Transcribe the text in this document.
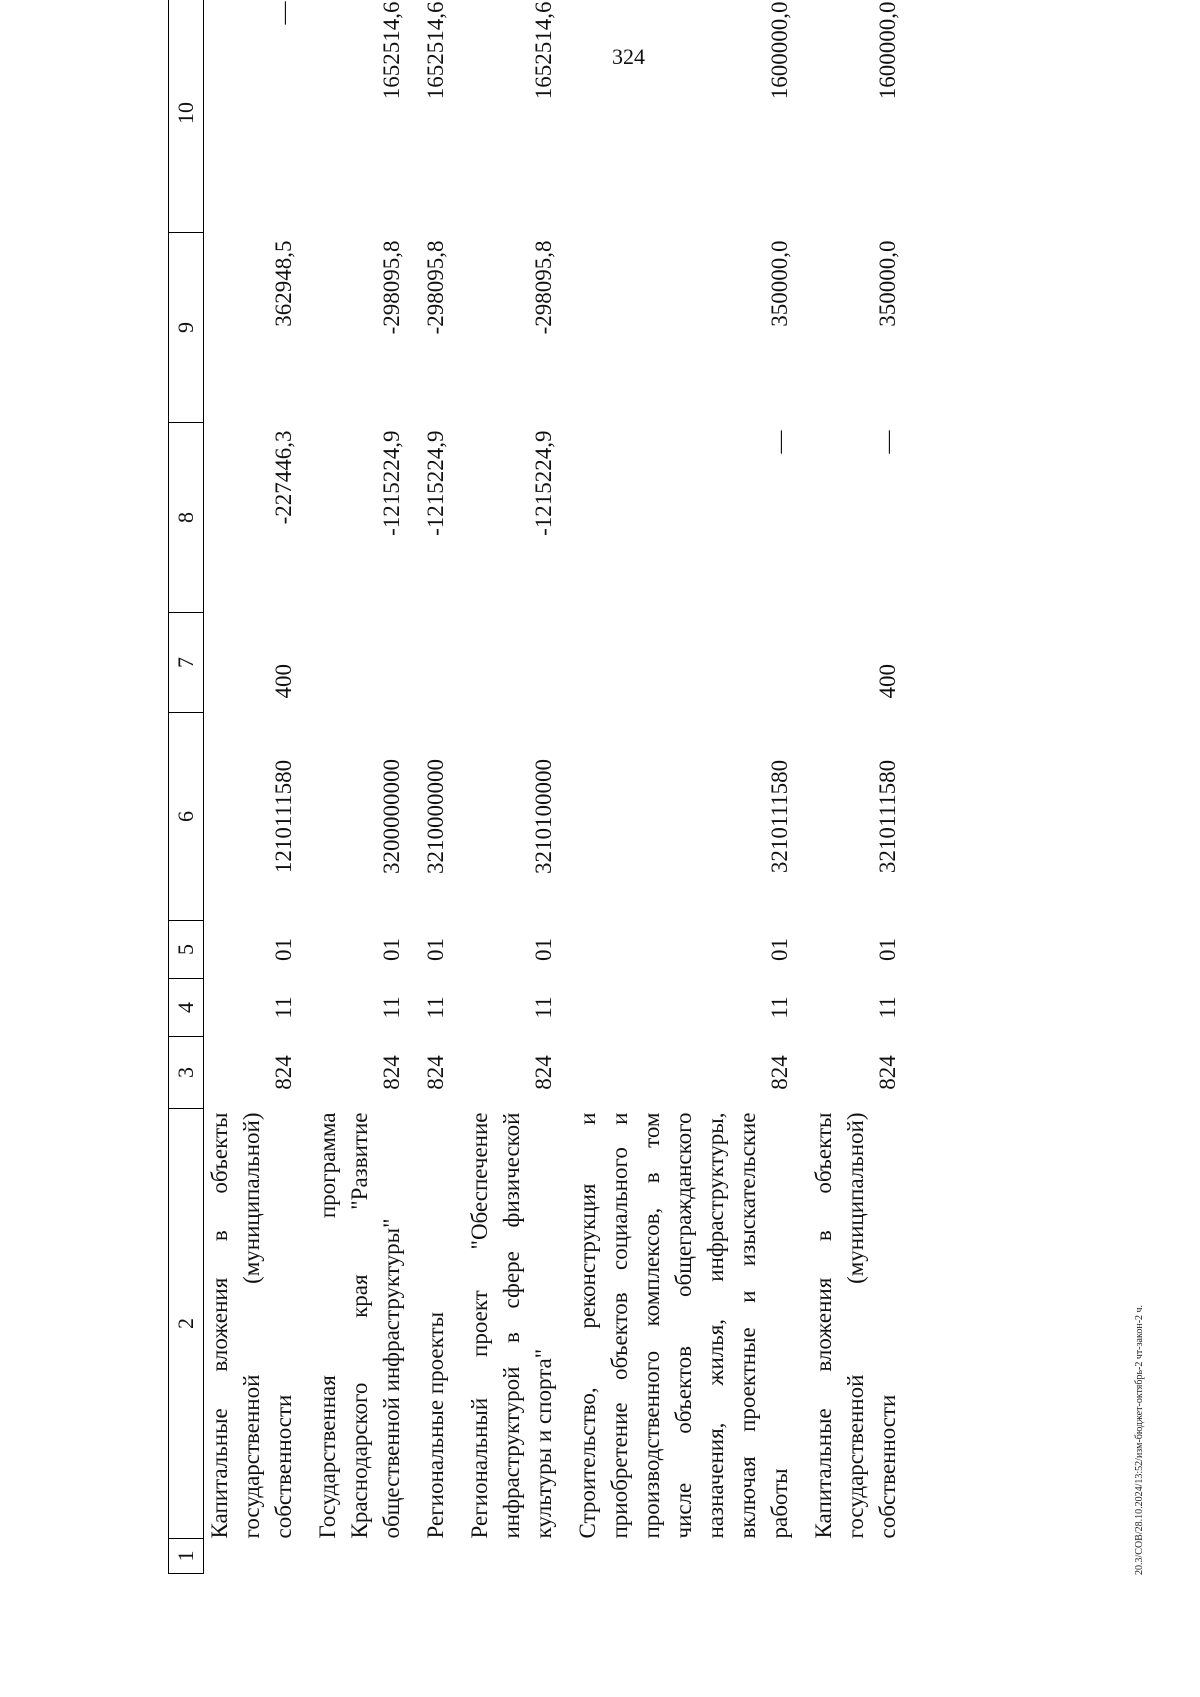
324
1	2	3	4	5	6	7	8	9	10
	Капитальные вложения в объекты государственной (муниципальной) собственности	824	11	01	1210111580	400	-227446,3	362948,5	—
	Государственная программа Краснодарского края "Развитие общественной инфраструктуры"	824	11	01	3200000000		-1215224,9	-298095,8	1652514,6
	Региональные проекты	824	11	01	3210000000		-1215224,9	-298095,8	1652514,6
	Региональный проект "Обеспечение инфраструктурой в сфере физической культуры и спорта"	824	11	01	3210100000		-1215224,9	-298095,8	1652514,6
	Строительство, реконструкция и приобретение объектов социального и производственного комплексов, в том числе объектов общегражданского назначения, жилья, инфраструктуры, включая проектные и изыскательские работы	824	11	01	3210111580		—	350000,0	1600000,0
	Капитальные вложения в объекты государственной (муниципальной) собственности	824	11	01	3210111580	400	—	350000,0	1600000,0
20.3/СОВ/28.10.2024/13:52/изм-бюджет-октябрь-2 чт-закон-2 ч.
